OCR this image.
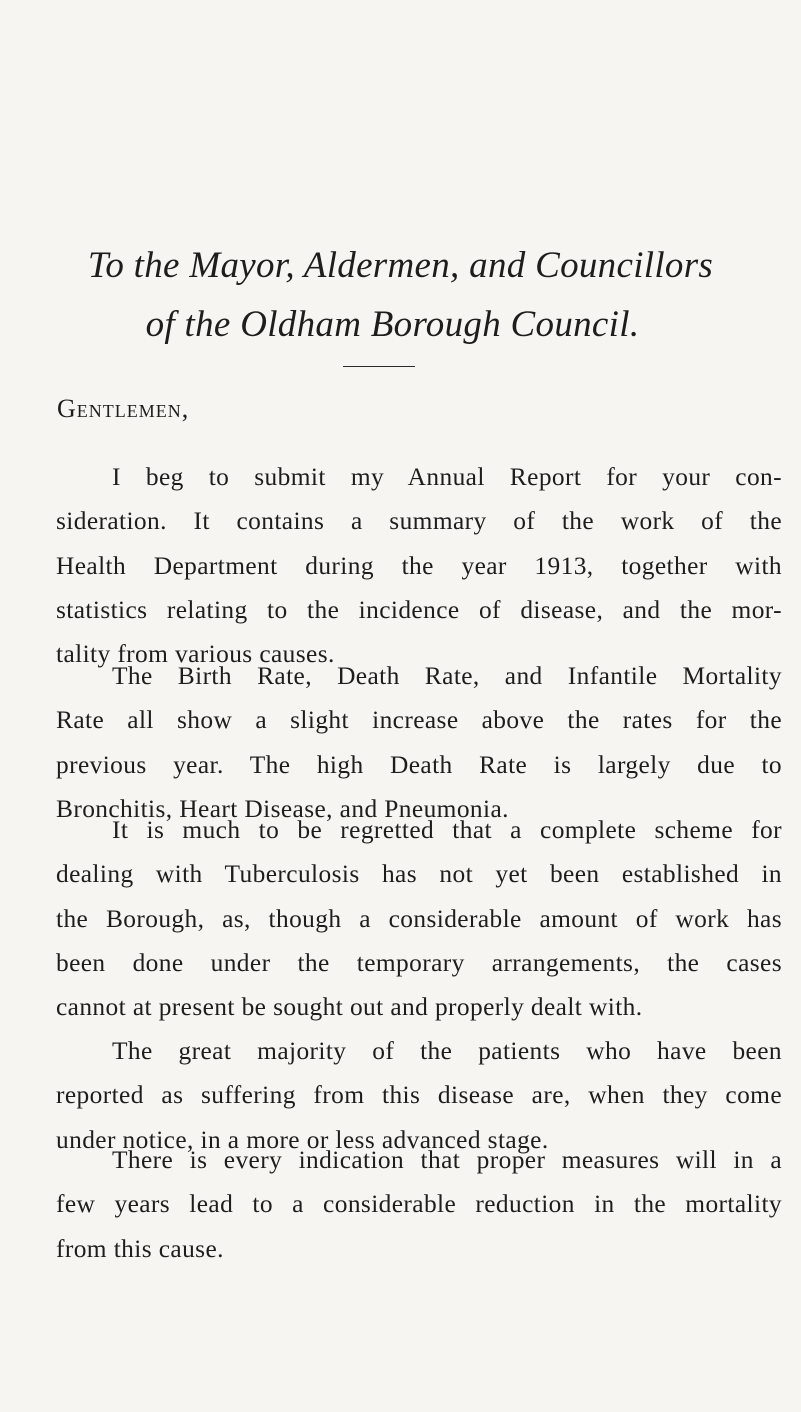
To the Mayor, Aldermen, and Councillors
of the Oldham Borough Council.
Gentlemen,
I beg to submit my Annual Report for your con-
sideration. It contains a summary of the work of the
Health Department during the year 1913, together with
statistics relating to the incidence of disease, and the mor-
tality from various causes.
The Birth Rate, Death Rate, and Infantile Mortality
Rate all show a slight increase above the rates for the
previous year. The high Death Rate is largely due to
Bronchitis, Heart Disease, and Pneumonia.
It is much to be regretted that a complete scheme for
dealing with Tuberculosis has not yet been established in
the Borough, as, though a considerable amount of work has
been done under the temporary arrangements, the cases
cannot at present be sought out and properly dealt with.
The great majority of the patients who have been
reported as suffering from this disease are, when they come
under notice, in a more or less advanced stage.
There is every indication that proper measures will in a
few years lead to a considerable reduction in the mortality
from this cause.
